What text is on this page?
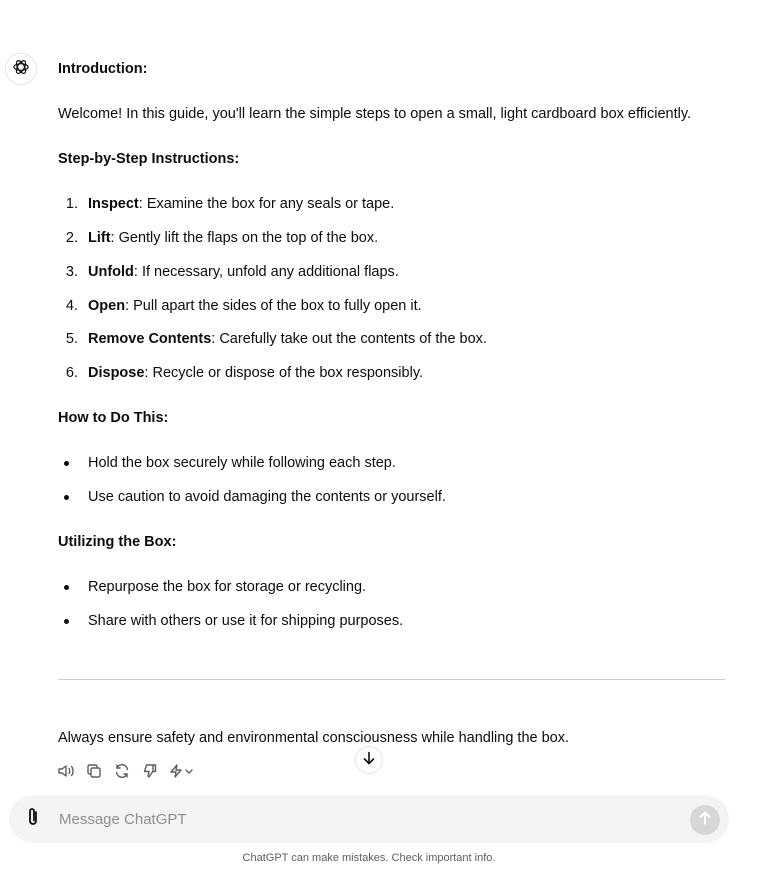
Introduction:
Welcome! In this guide, you'll learn the simple steps to open a small, light cardboard box efficiently.
Step-by-Step Instructions:
1. Inspect: Examine the box for any seals or tape.
2. Lift: Gently lift the flaps on the top of the box.
3. Unfold: If necessary, unfold any additional flaps.
4. Open: Pull apart the sides of the box to fully open it.
5. Remove Contents: Carefully take out the contents of the box.
6. Dispose: Recycle or dispose of the box responsibly.
How to Do This:
Hold the box securely while following each step.
Use caution to avoid damaging the contents or yourself.
Utilizing the Box:
Repurpose the box for storage or recycling.
Share with others or use it for shipping purposes.
Always ensure safety and environmental consciousness while handling the box.
Message ChatGPT
ChatGPT can make mistakes. Check important info.
